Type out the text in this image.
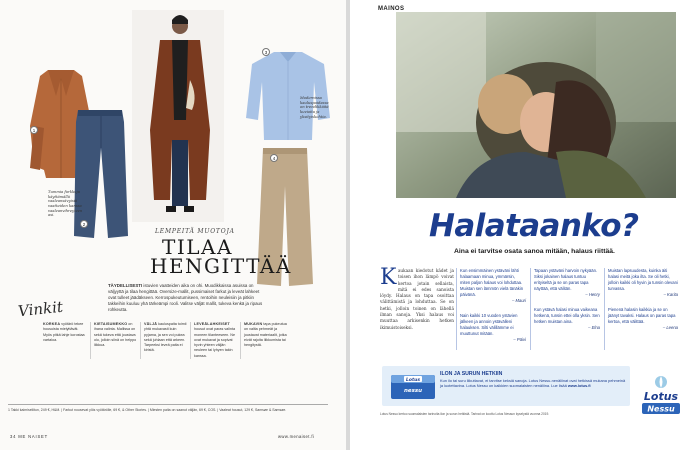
1
2
Tummia farkkuja
käyttämällä
vaaleansävyisiä
vaatteiden kanssa
vaaleanvihreyteen
asi.
3
Modernissa
kauluspaidassa
on trendikkäitä
kuvioita ja
yksityiskohtia.
4
LEMPEITÄ MUOTOJA
TILAA
HENGITTÄÄ
TÄYDELLISESTI istuvien vaatteiden aika on ohi. Muodikkaissa asuissa on väljyyttä ja tilaa hengittää. Oversize-mallit, pussimaiset farkut ja leveät lahkeet ovat tulleet jäädäkseen. Kerrospukeutumiseen, rentoihin neuleisiin ja pitkiin takkeihin kuuluu yhä tärkeämpi rooli. Valitse väljät mallit, tukeva kenkä ja ripaus rohkeutta.
Vinkit
KORKEA vyötärö tekee housuista mielyttävät. Myös pitkä lahje korostaa vartaloa.
KIETAISUMEKKO on ihana valinta. Mallissa on sekä tukeva että joustava olo, jolloin siinä on helppo liikkua.
VÄLJÄ kauluspaita toimii yhtä mukavasti kuin pyjama, ja sen voi pukea sekä juhlaan että arkeen. Tarpeeksi leveä paita ei kiristä.
LEVEÄLAHKEISET housut ovat paras valinta moneen tilanteeseen. Ne ovat mukavat ja sopivat hyvin yhteen väljän neuleen tai lyhyen takin kanssa.
MUKAVIN tapa pukeutua on valita pehmeät ja joustavat materiaalit, jotka eivät rajoita liikkumista tai hengitystä.
1 Takki kaimiseliitun, 249 €, H&M. | Farkut nousevat ylös vyötärölle, 69 €, & Other Stories. | Miesten paita on saanut väljän, 69 €, COS. | Vaaleat housut, 129 €, Samsøe & Samsøe.
34 ME NAISET	www.menaiset.fi
MAINOS
Halataanko?
Aina ei tarvitse osata sanoa mitään, halaus riittää.
Kaukaan kiedotut kädet ja toisen ihon lämpö voivat kertoa jotain sellaista, mitä ei edes sanoista löydy. Halaus on tapa osoittaa välittämistä ja lohduttaa. Se on hetki, jolloin toinen on lähellä ilman sanoja. Yksi halaus voi muuttaa arkisenkin hetken ikimuistoiseksi.
Kun ensimmäinen ystäväni lähti halaamaan minua, ymmärsin, miten paljon halaus voi lohduttaa. Muistan sen lämmön vielä tänäkin päivänä.
– Mauri
Nain kaikki 10 vuoden ystävien jälkeen ja annoin ystävälleni halauksen. Silti välillämme ei muuttunut mitään.
– Päivi
Tapaan ystäväni harvoin nykyään. Siksi jokainen halaus tuntuu erityiseltä ja se on paras tapa näyttää, että välitän.
– Henry
Kun ystävä halasi minua vaikeana hetkenä, tunsin ettei olla yksin. Sen hetken muistan aina.
– Elna
Muistan lapsuudesta, kuinka äiti halasi meitä joka ilta. Se oli hetki, jolloin kaikki oli hyvin ja tunsin olevani turvassa.
– Karita
Pienenä halasin kaikkia ja se on jäänyt tavaksi. Halaus on paras tapa kertoa, että välittää.
– Leena
Lotus
nessu
ILON JA SURUN HETKIIN
Kun ilo tai suru liikuttavat, ei tarvitse keksiä sanoja. Lotus Nessu-nenäliinat ovat hetkissä mukana pehmeinä ja luotettavina. Lotus Nessu on kaikkien suomalaisten nenäliina. Lue lisää www.lotus.fi
Lotus
Nessu
Lotus Nessu kertoo suomalaisten tarinoita ilon ja surun hetkistä. Tarinat on koottu Lotus Nessun kyselystä vuonna 2019.
